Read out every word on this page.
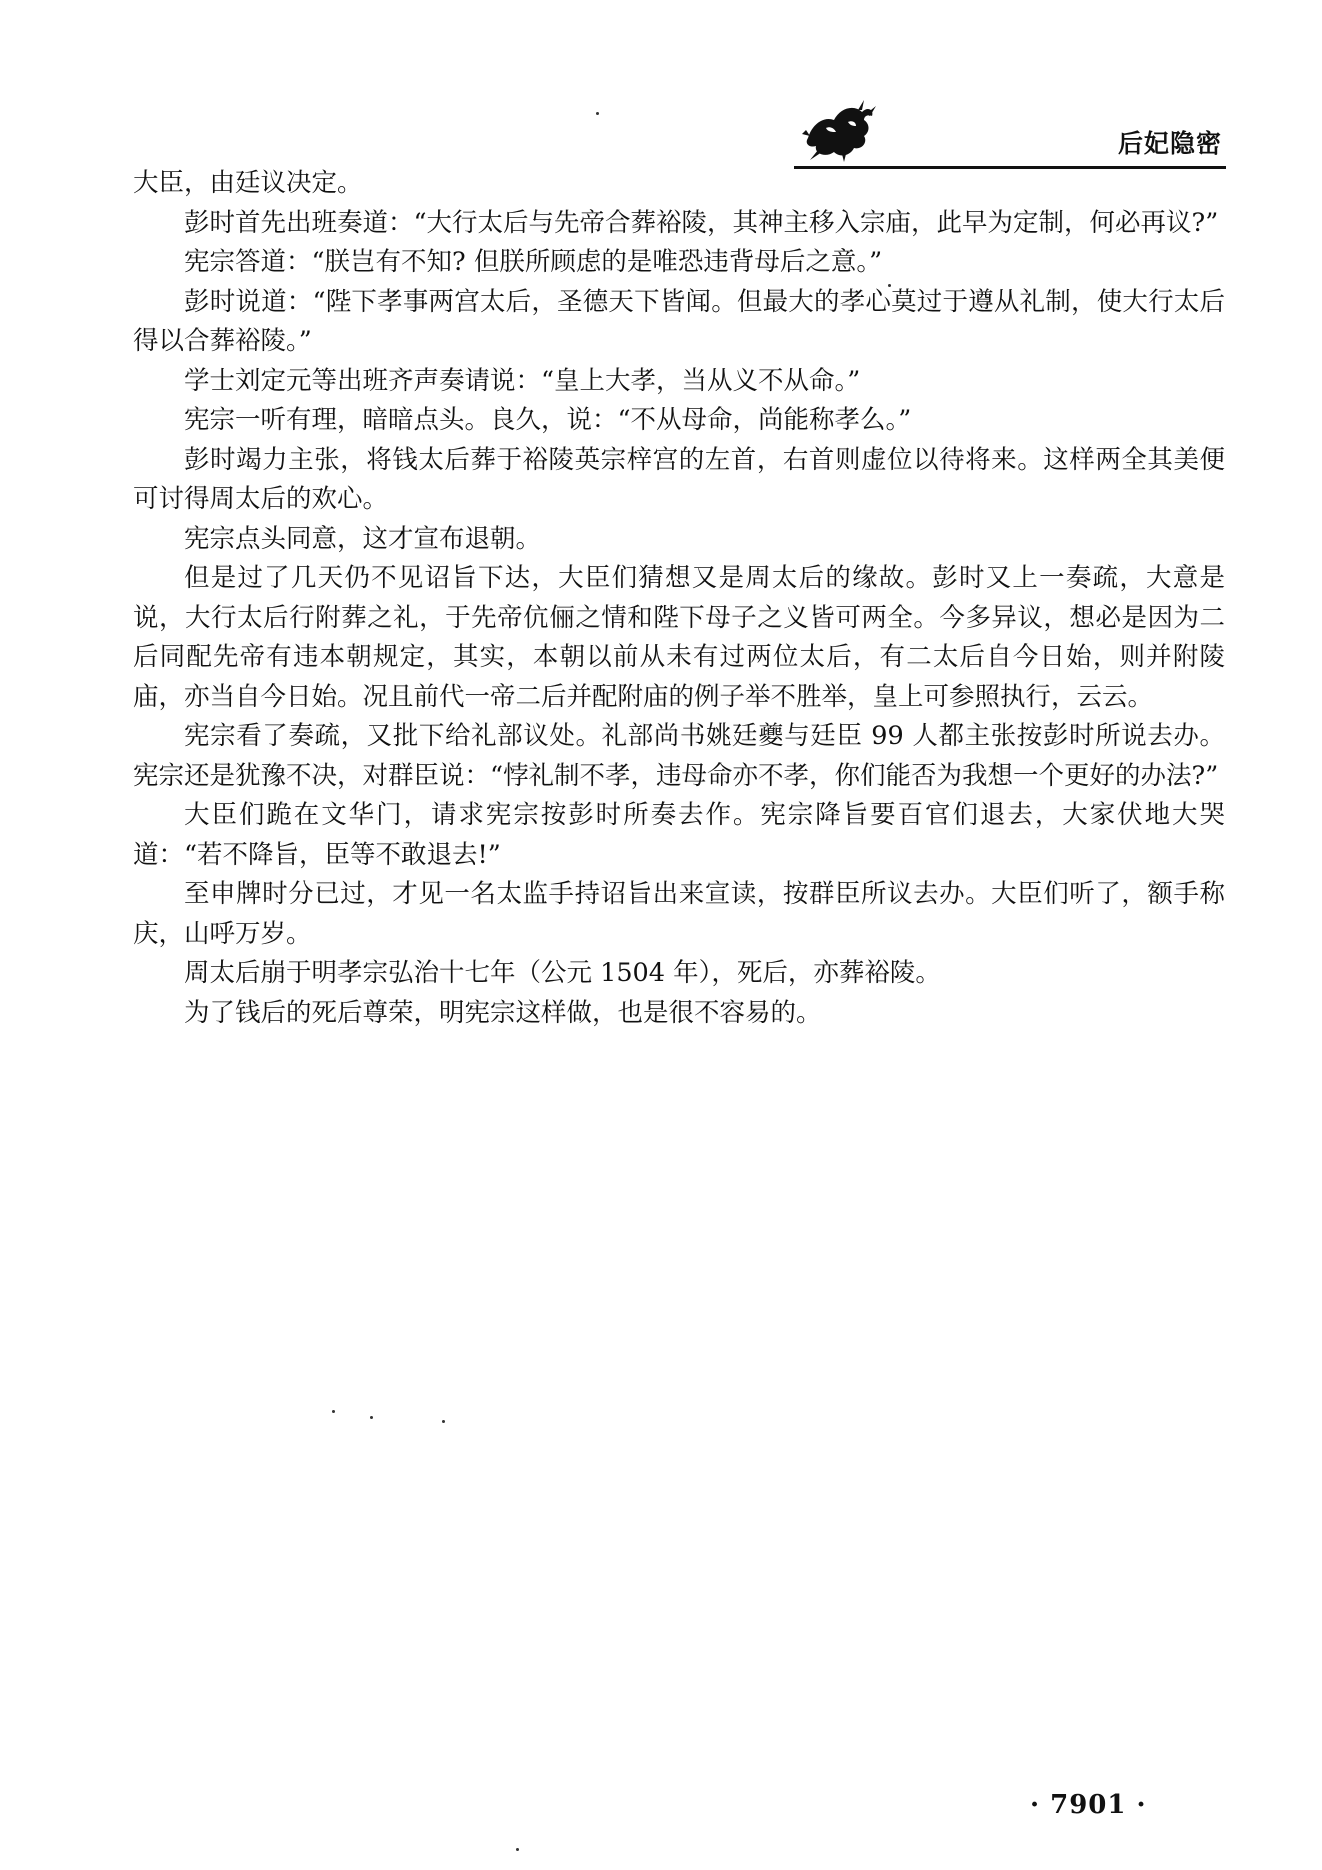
后妃隐密

大臣，由廷议决定。

彭时首先出班奏道：“大行太后与先帝合葬裕陵，其神主移入宗庙，此早为定制，何必再议?”

宪宗答道：“朕岂有不知? 但朕所顾虑的是唯恐违背母后之意。”

彭时说道：“陛下孝事两宫太后，圣德天下皆闻。但最大的孝心莫过于遵从礼制，使大行太后得以合葬裕陵。”

学士刘定元等出班齐声奏请说：“皇上大孝，当从义不从命。”

宪宗一听有理，暗暗点头。良久，说：“不从母命，尚能称孝么。”

彭时竭力主张，将钱太后葬于裕陵英宗梓宫的左首，右首则虚位以待将来。这样两全其美便可讨得周太后的欢心。

宪宗点头同意，这才宣布退朝。

但是过了几天仍不见诏旨下达，大臣们猜想又是周太后的缘故。彭时又上一奏疏，大意是说，大行太后行附葬之礼，于先帝伉俪之情和陛下母子之义皆可两全。今多异议，想必是因为二后同配先帝有违本朝规定，其实，本朝以前从未有过两位太后，有二太后自今日始，则并附陵庙，亦当自今日始。况且前代一帝二后并配附庙的例子举不胜举，皇上可参照执行，云云。

宪宗看了奏疏，又批下给礼部议处。礼部尚书姚廷夔与廷臣 99 人都主张按彭时所说去办。宪宗还是犹豫不决，对群臣说：“悖礼制不孝，违母命亦不孝，你们能否为我想一个更好的办法?”

大臣们跪在文华门，请求宪宗按彭时所奏去作。宪宗降旨要百官们退去，大家伏地大哭道：“若不降旨，臣等不敢退去!”

至申牌时分已过，才见一名太监手持诏旨出来宣读，按群臣所议去办。大臣们听了，额手称庆，山呼万岁。

周太后崩于明孝宗弘治十七年（公元 1504 年），死后，亦葬裕陵。

为了钱后的死后尊荣，明宪宗这样做，也是很不容易的。

· 7901 ·
